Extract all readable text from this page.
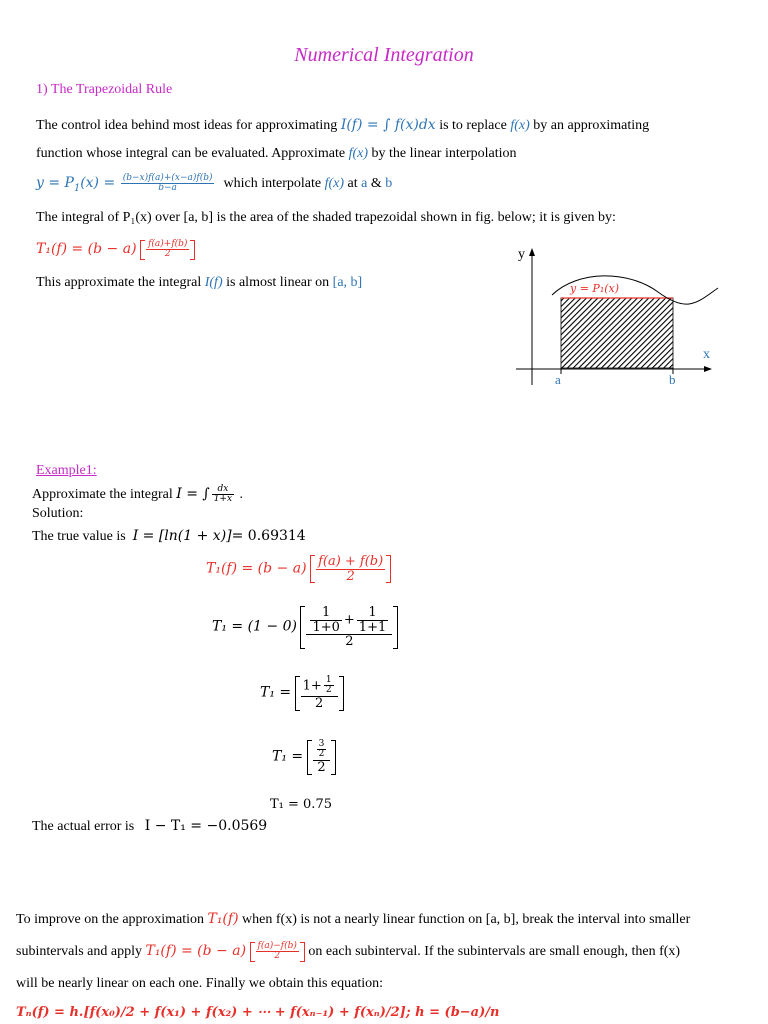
Numerical Integration
1) The Trapezoidal Rule
The control idea behind most ideas for approximating I(f) = ∫ f(x)dx is to replace f(x) by an approximating
function whose integral can be evaluated. Approximate f(x) by the linear interpolation
$y = P_1(x) = \frac{(b-x)f(a)+(x-a)f(b)}{b-a}$ which interpolate f(x) at a & b
The integral of P₁(x) over [a, b] is the area of the shaded trapezoidal shown in fig. below; it is given by:
$T_1(f) = (b - a) \frac{f(a)+f(b)}{2}$
This approximate the integral I(f) is almost linear on [a, b]
y
x
a	b
y = P₁(x)
Example1:
Approximate the integral I = ∫ $\frac{dx}{1+x}$ .
Solution:
The true value is I = [ln(1 + x)]= 0.69314
$T_1(f) = (b - a) \frac{f(a) + f(b)}{2}$
$T_1 = (1 - 0) \frac{\frac{1}{1+0} + \frac{1}{1+1}}{2}$
$T_1 = \frac{1+ \frac{1}{2}}{2}$
$T_1 = \frac{\frac{3}{2}}{2}$
T₁ = 0.75
The actual error is I − T₁ = −0.0569
To improve on the approximation T₁(f) when f(x) is not a nearly linear function on [a, b], break the interval into smaller
subintervals and apply $T_1(f) = (b - a) \frac{f(a)-f(b)}{2}$ on each subinterval. If the subintervals are small enough, then f(x)
will be nearly linear on each one. Finally we obtain this equation:
Tₙ(f) = h.[f(x₀)/2 + f(x₁) + f(x₂) + ⋯ + f(xₙ₋₁) + f(xₙ)/2]; h = (b−a)/n
